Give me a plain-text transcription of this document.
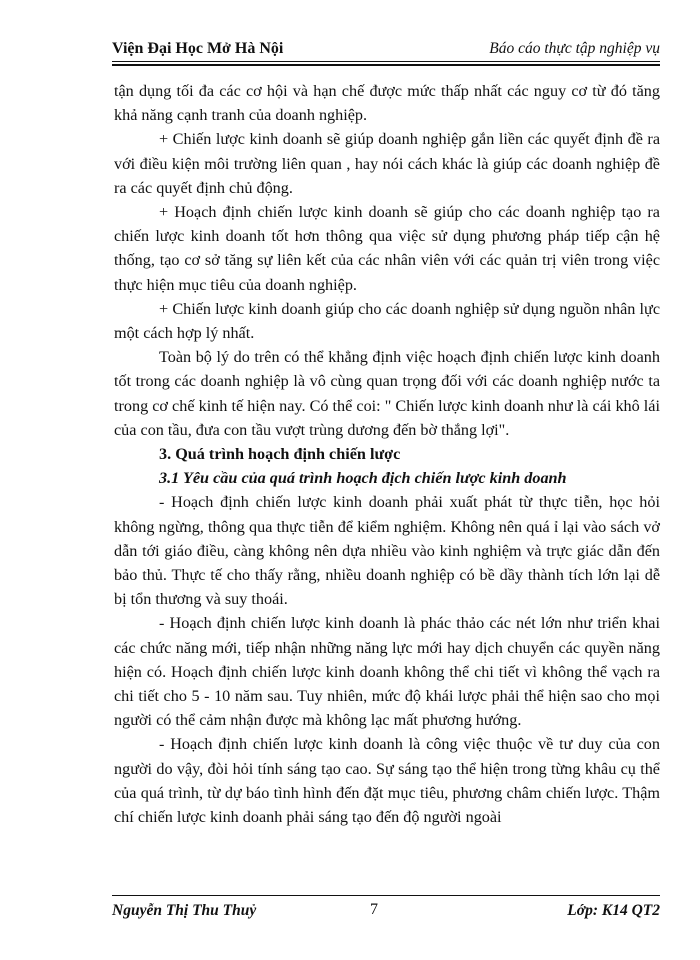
Viện Đại Học Mở Hà Nội	Báo cáo thực tập nghiệp vụ

tận dụng tối đa các cơ hội và hạn chế được mức thấp nhất các nguy cơ từ đó tăng khả năng cạnh tranh của doanh nghiệp.

+ Chiến lược kinh doanh sẽ giúp doanh nghiệp gắn liền các quyết định đề ra với điều kiện môi trường liên quan , hay nói cách khác là giúp các doanh nghiệp đề ra các quyết định chủ động.

+ Hoạch định chiến lược kinh doanh sẽ giúp cho các doanh nghiệp tạo ra chiến lược kinh doanh tốt hơn thông qua việc sử dụng phương pháp tiếp cận hệ thống, tạo cơ sở tăng sự liên kết của các nhân viên với các quản trị viên trong việc thực hiện mục tiêu của doanh nghiệp.

+ Chiến lược kinh doanh giúp cho các doanh nghiệp sử dụng nguồn nhân lực một cách hợp lý nhất.

Toàn bộ lý do trên có thể khẳng định việc hoạch định chiến lược kinh doanh tốt trong các doanh nghiệp là vô cùng quan trọng đối với các doanh nghiệp nước ta trong cơ chế kinh tế hiện nay. Có thể coi: " Chiến lược kinh doanh như là cái khô lái của con tầu, đưa con tầu vượt trùng dương đến bờ thắng lợi".

3. Quá trình hoạch định chiến lược

3.1 Yêu cầu của quá trình hoạch địch chiến lược kinh doanh

- Hoạch định chiến lược kinh doanh phải xuất phát từ thực tiễn, học hỏi không ngừng, thông qua thực tiễn để kiểm nghiệm. Không nên quá ỉ lại vào sách vở dẫn tới giáo điều, càng không nên dựa nhiều vào kinh nghiệm và trực giác dẫn đến bảo thủ. Thực tế cho thấy rằng, nhiều doanh nghiệp có bề dầy thành tích lớn lại dễ bị tổn thương và suy thoái.

- Hoạch định chiến lược kinh doanh là phác thảo các nét lớn như triển khai các chức năng mới, tiếp nhận những năng lực mới hay dịch chuyển các quyền năng hiện có. Hoạch định chiến lược kinh doanh không thể chi tiết vì không thể vạch ra chi tiết cho 5 - 10 năm sau. Tuy nhiên, mức độ khái lược phải thể hiện sao cho mọi người có thể cảm nhận được mà không lạc mất phương hướng.

- Hoạch định chiến lược kinh doanh là công việc thuộc về tư duy của con người do vậy, đòi hỏi tính sáng tạo cao. Sự sáng tạo thể hiện trong từng khâu cụ thể của quá trình, từ dự báo tình hình đến đặt mục tiêu, phương châm chiến lược. Thậm chí chiến lược kinh doanh phải sáng tạo đến độ người ngoài

Nguyễn Thị Thu Thuỷ	7	Lớp: K14 QT2
